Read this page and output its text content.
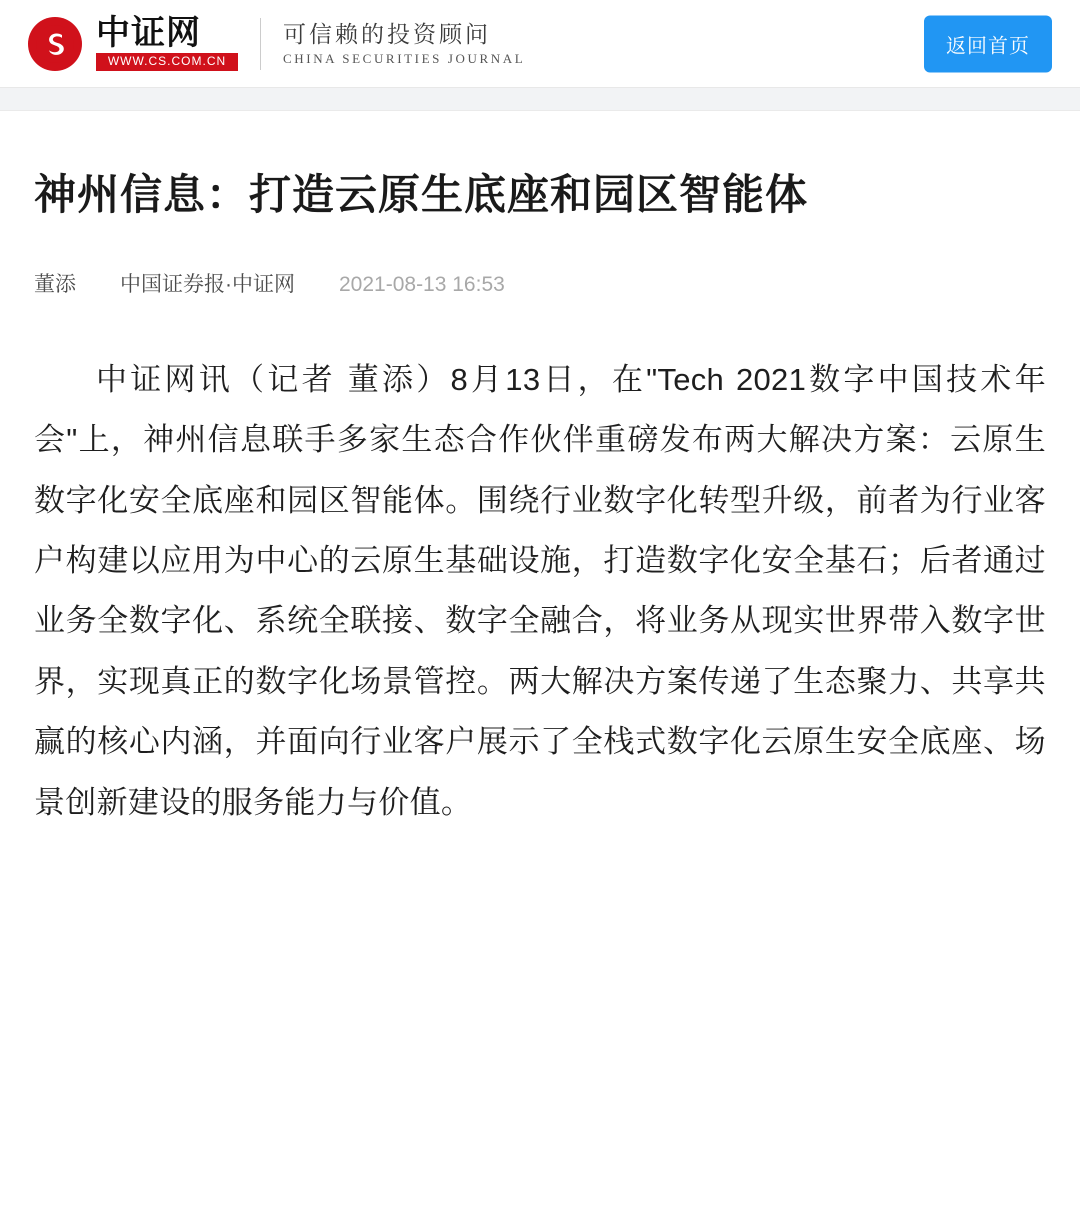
中证网
WWW.CS.COM.CN
可信赖的投资顾问
CHINA SECURITIES JOURNAL
返回首页
神州信息：打造云原生底座和园区智能体
董添 中国证券报·中证网 2021-08-13 16:53

中证网讯（记者 董添）8月13日，在"Tech 2021数字中国技术年会"上，神州信息联手多家生态合作伙伴重磅发布两大解决方案：云原生数字化安全底座和园区智能体。围绕行业数字化转型升级，前者为行业客户构建以应用为中心的云原生基础设施，打造数字化安全基石；后者通过业务全数字化、系统全联接、数字全融合，将业务从现实世界带入数字世界，实现真正的数字化场景管控。两大解决方案传递了生态聚力、共享共赢的核心内涵，并面向行业客户展示了全栈式数字化云原生安全底座、场景创新建设的服务能力与价值。
